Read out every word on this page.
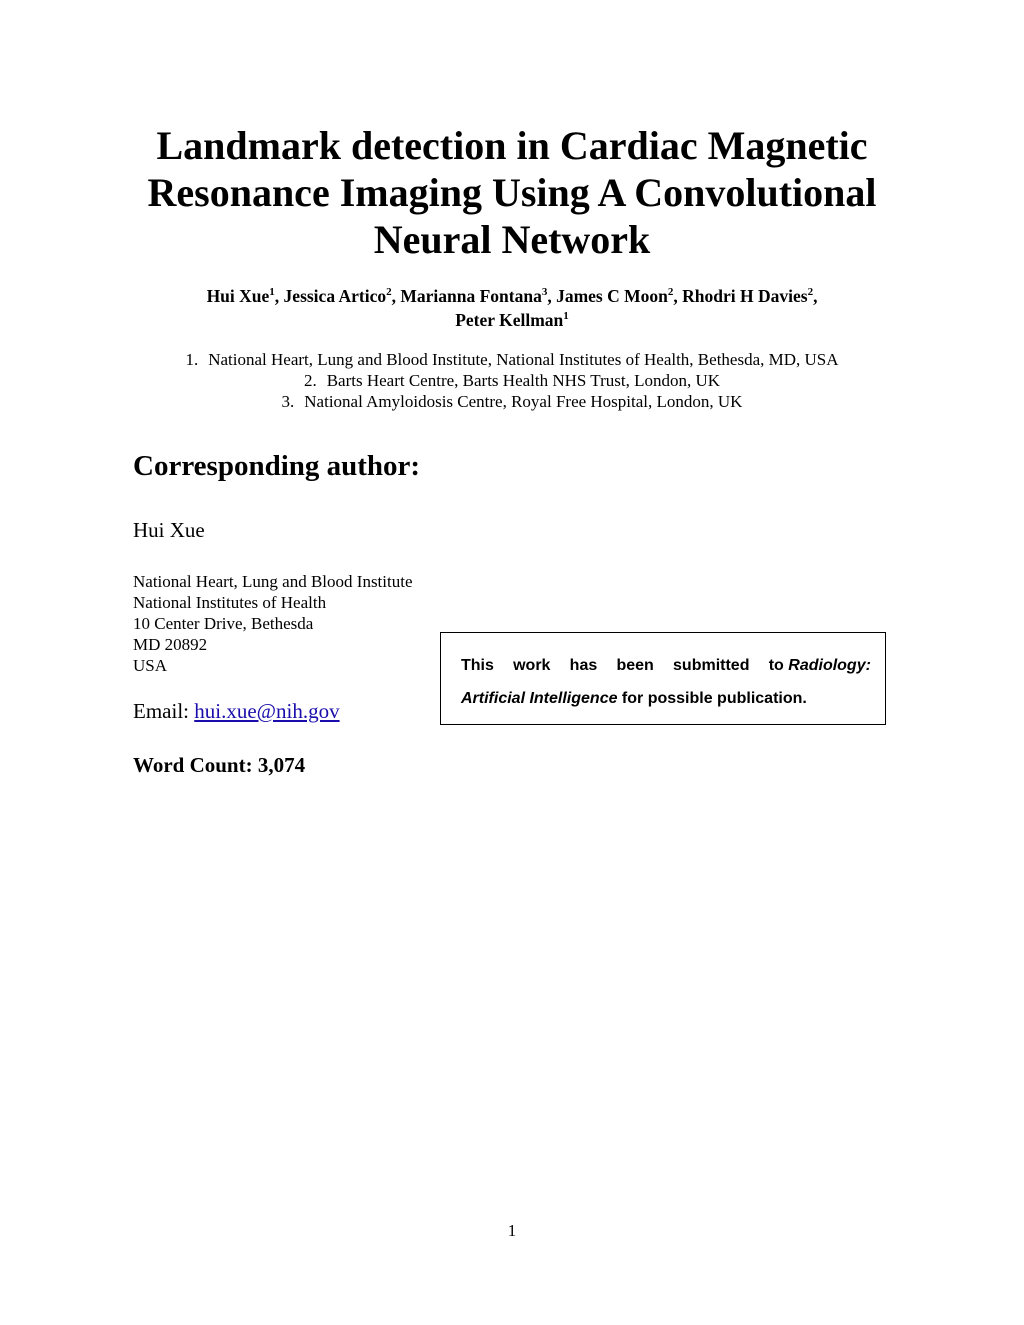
Landmark detection in Cardiac Magnetic
Resonance Imaging Using A Convolutional
Neural Network
Hui Xue$^1$, Jessica Artico$^2$, Marianna Fontana$^3$, James C Moon$^2$, Rhodri H Davies$^2$,
Peter Kellman$^1$
1. National Heart, Lung and Blood Institute, National Institutes of Health, Bethesda, MD, USA
2. Barts Heart Centre, Barts Health NHS Trust, London, UK
3. National Amyloidosis Centre, Royal Free Hospital, London, UK
Corresponding author:
Hui Xue
National Heart, Lung and Blood Institute
National Institutes of Health
10 Center Drive, Bethesda
MD 20892
USA
Email: hui.xue@nih.gov
Word Count: 3,074
This work has been submitted to Radiology:
Artificial Intelligence for possible publication.
1
